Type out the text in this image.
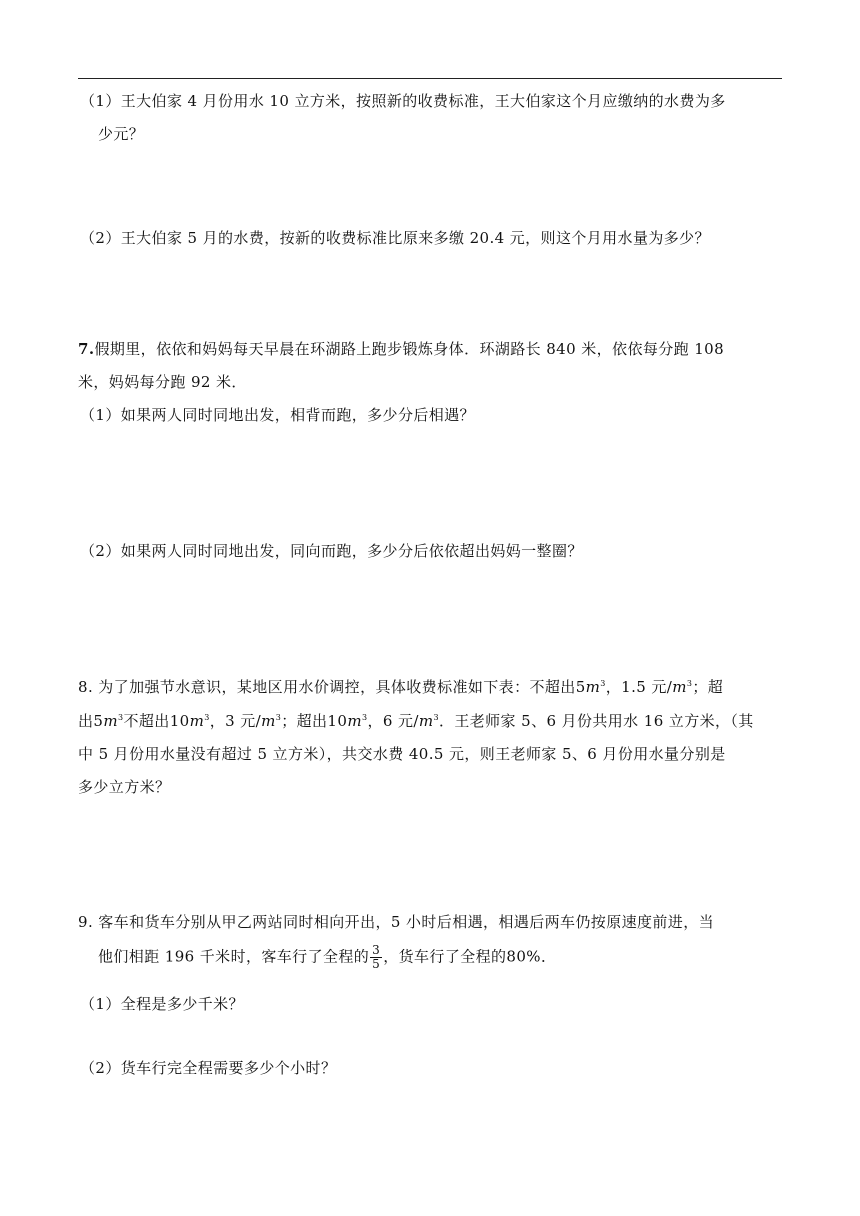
（1）王大伯家 4 月份用水 10 立方米，按照新的收费标准，王大伯家这个月应缴纳的水费为多
少元？
（2）王大伯家 5 月的水费，按新的收费标准比原来多缴 20.4 元，则这个月用水量为多少？
7.假期里，依依和妈妈每天早晨在环湖路上跑步锻炼身体．环湖路长 840 米，依依每分跑 108
米，妈妈每分跑 92 米．
（1）如果两人同时同地出发，相背而跑，多少分后相遇？
（2）如果两人同时同地出发，同向而跑，多少分后依依超出妈妈一整圈？
8. 为了加强节水意识，某地区用水价调控，具体收费标准如下表：不超出$5m^3$，1.5 元$/m^3$；超
出$5m^3$不超出$10m^3$，3 元$/m^3$；超出$10m^3$，6 元$/m^3$．王老师家 5、6 月份共用水 16 立方米，（其
中 5 月份用水量没有超过 5 立方米），共交水费 40.5 元，则王老师家 5、6 月份用水量分别是
多少立方米？
9. 客车和货车分别从甲乙两站同时相向开出，5 小时后相遇，相遇后两车仍按原速度前进，当
他们相距 196 千米时，客车行了全程的 $\frac{3}{5}$ ，货车行了全程的80%．
（1）全程是多少千米？
（2）货车行完全程需要多少个小时？
